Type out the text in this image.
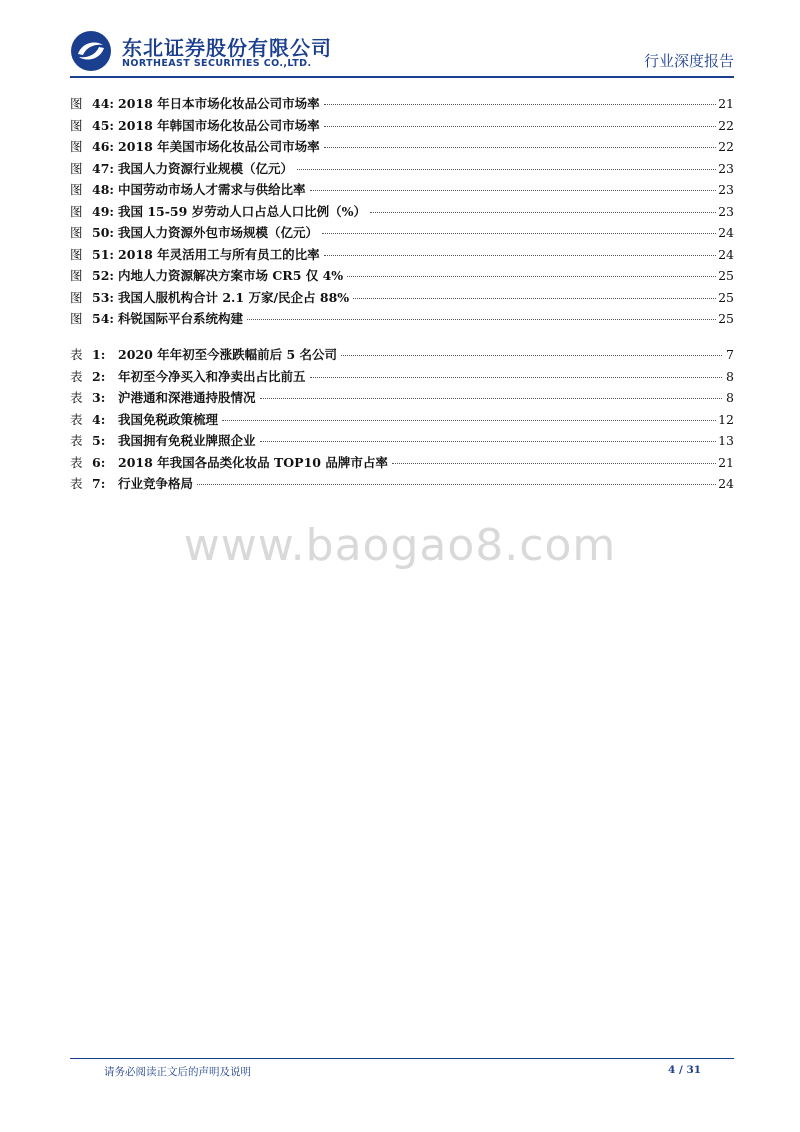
东北证券股份有限公司
NORTHEAST SECURITIES CO.,LTD.	行业深度报告
图 44: 2018 年日本市场化妆品公司市场率	21
图 45: 2018 年韩国市场化妆品公司市场率	22
图 46: 2018 年美国市场化妆品公司市场率	22
图 47: 我国人力资源行业规模（亿元）	23
图 48: 中国劳动市场人才需求与供给比率	23
图 49: 我国 15-59 岁劳动人口占总人口比例（%）	23
图 50: 我国人力资源外包市场规模（亿元）	24
图 51: 2018 年灵活用工与所有员工的比率	24
图 52: 内地人力资源解决方案市场 CR5 仅 4%	25
图 53: 我国人服机构合计 2.1 万家/民企占 88%	25
图 54: 科锐国际平台系统构建	25
表 1:	2020 年年初至今涨跌幅前后 5 名公司	7
表 2:	年初至今净买入和净卖出占比前五	8
表 3:	沪港通和深港通持股情况	8
表 4:	我国免税政策梳理	12
表 5:	我国拥有免税业牌照企业	13
表 6:	2018 年我国各品类化妆品 TOP10 品牌市占率	21
表 7:	行业竞争格局	24
www.baogao8.com
请务必阅读正文后的声明及说明	4 / 31
